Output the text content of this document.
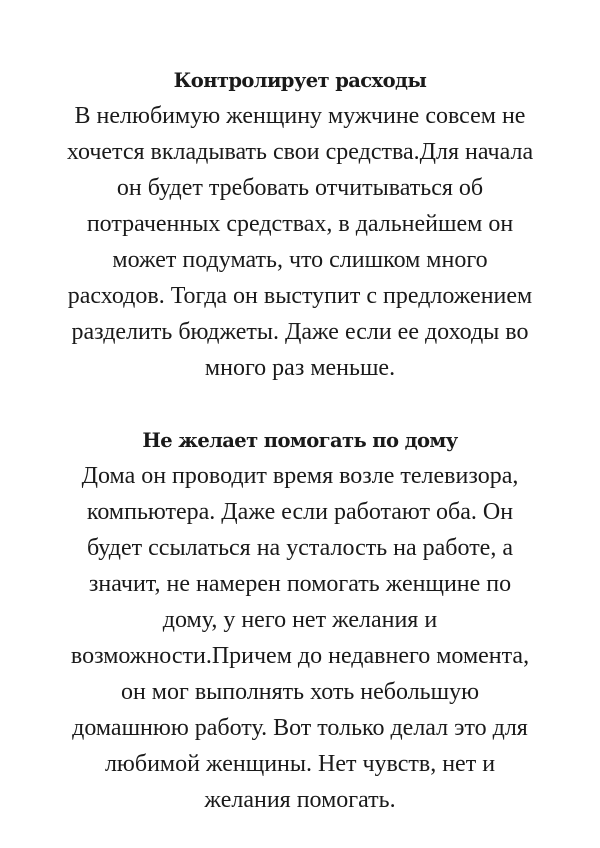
Контролирует расходы

В нелюбимую женщину мужчине совсем не

хочется вкладывать свои средства.Для начала

он будет требовать отчитываться об

потраченных средствах, в дальнейшем он

может подумать, что слишком много

расходов. Тогда он выступит с предложением

разделить бюджеты. Даже если ее доходы во

много раз меньше.

Не желает помогать по дому

Дома он проводит время возле телевизора,

компьютера. Даже если работают оба. Он

будет ссылаться на усталость на работе, а

значит, не намерен помогать женщине по

дому, у него нет желания и

возможности.Причем до недавнего момента,

он мог выполнять хоть небольшую

домашнюю работу. Вот только делал это для

любимой женщины. Нет чувств, нет и

желания помогать.
